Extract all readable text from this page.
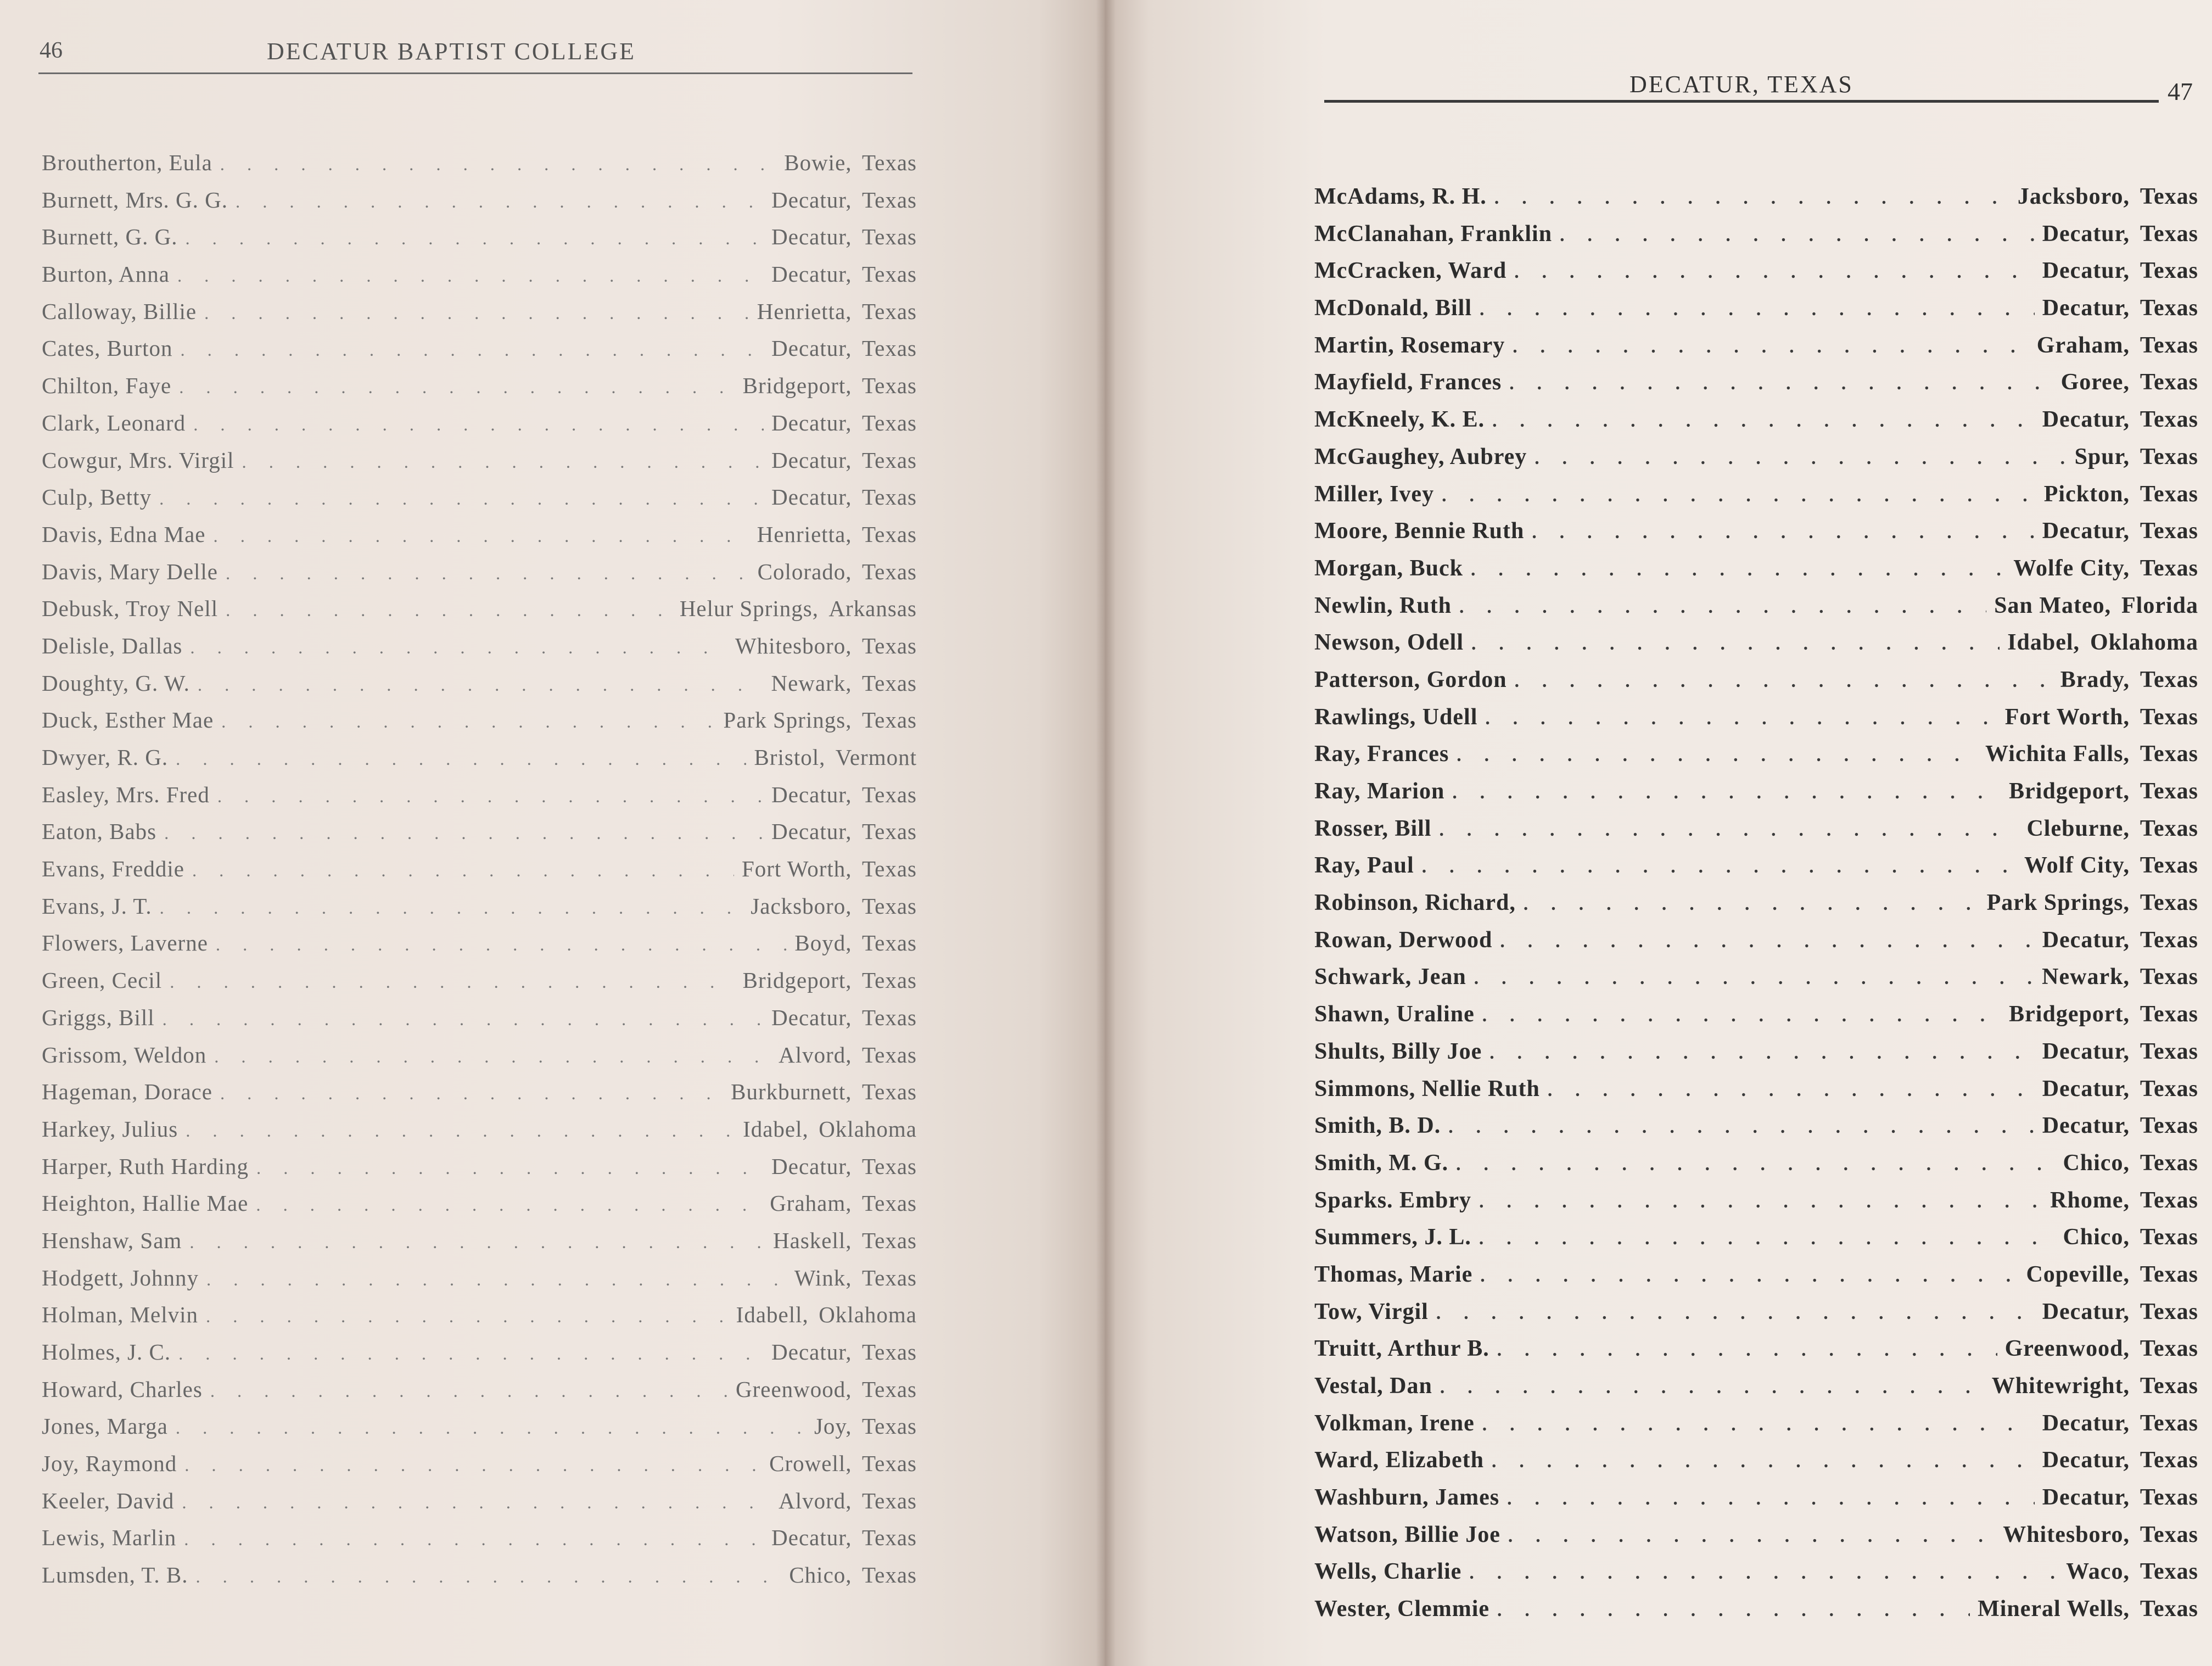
46	DECATUR BAPTIST COLLEGE
Broutherton, Eula . . .	Bowie, Texas
Burnett, Mrs. G. G. . . .	Decatur, Texas
Burnett, G. G. . . .	Decatur, Texas
Burton, Anna . . .	Decatur, Texas
Calloway, Billie . . .	Henrietta, Texas
Cates, Burton . . .	Decatur, Texas
Chilton, Faye . . .	Bridgeport, Texas
Clark, Leonard . . .	Decatur, Texas
Cowgur, Mrs. Virgil . . .	Decatur, Texas
Culp, Betty . . .	Decatur, Texas
Davis, Edna Mae . . .	Henrietta, Texas
Davis, Mary Delle . . .	Colorado, Texas
Debusk, Troy Nell . . .	Helur Springs, Arkansas
Delisle, Dallas . . .	Whitesboro, Texas
Doughty, G. W. . . .	Newark, Texas
Duck, Esther Mae . . .	Park Springs, Texas
Dwyer, R. G. . . .	Bristol, Vermont
Easley, Mrs. Fred . . .	Decatur, Texas
Eaton, Babs . . .	Decatur, Texas
Evans, Freddie . . .	Fort Worth, Texas
Evans, J. T. . . .	Jacksboro, Texas
Flowers, Laverne . . .	Boyd, Texas
Green, Cecil . . .	Bridgeport, Texas
Griggs, Bill . . .	Decatur, Texas
Grissom, Weldon . . .	Alvord, Texas
Hageman, Dorace . . .	Burkburnett, Texas
Harkey, Julius . . .	Idabel, Oklahoma
Harper, Ruth Harding . . .	Decatur, Texas
Heighton, Hallie Mae . . .	Graham, Texas
Henshaw, Sam . . .	Haskell, Texas
Hodgett, Johnny . . .	Wink, Texas
Holman, Melvin . . .	Idabell, Oklahoma
Holmes, J. C. . . .	Decatur, Texas
Howard, Charles . . .	Greenwood, Texas
Jones, Marga . . .	Joy, Texas
Joy, Raymond . . .	Crowell, Texas
Keeler, David . . .	Alvord, Texas
Lewis, Marlin . . .	Decatur, Texas
Lumsden, T. B. . . .	Chico, Texas
DECATUR, TEXAS	47
McAdams, R. H. . . .	Jacksboro, Texas
McClanahan, Franklin . . .	Decatur, Texas
McCracken, Ward . . .	Decatur, Texas
McDonald, Bill . . .	Decatur, Texas
Martin, Rosemary . . .	Graham, Texas
Mayfield, Frances . . .	Goree, Texas
McKneely, K. E. . . .	Decatur, Texas
McGaughey, Aubrey . . .	Spur, Texas
Miller, Ivey . . .	Pickton, Texas
Moore, Bennie Ruth . . .	Decatur, Texas
Morgan, Buck . . .	Wolfe City, Texas
Newlin, Ruth . . .	San Mateo, Florida
Newson, Odell . . .	Idabel, Oklahoma
Patterson, Gordon . . .	Brady, Texas
Rawlings, Udell . . .	Fort Worth, Texas
Ray, Frances . . .	Wichita Falls, Texas
Ray, Marion . . .	Bridgeport, Texas
Rosser, Bill . . .	Cleburne, Texas
Ray, Paul . . .	Wolf City, Texas
Robinson, Richard, . . .	Park Springs, Texas
Rowan, Derwood . . .	Decatur, Texas
Schwark, Jean . . .	Newark, Texas
Shawn, Uraline . . .	Bridgeport, Texas
Shults, Billy Joe . . .	Decatur, Texas
Simmons, Nellie Ruth . . .	Decatur, Texas
Smith, B. D. . . .	Decatur, Texas
Smith, M. G. . . .	Chico, Texas
Sparks. Embry . . .	Rhome, Texas
Summers, J. L. . . .	Chico, Texas
Thomas, Marie . . .	Copeville, Texas
Tow, Virgil . . .	Decatur, Texas
Truitt, Arthur B. . . .	Greenwood, Texas
Vestal, Dan . . .	Whitewright, Texas
Volkman, Irene . . .	Decatur, Texas
Ward, Elizabeth . . .	Decatur, Texas
Washburn, James . . .	Decatur, Texas
Watson, Billie Joe . . .	Whitesboro, Texas
Wells, Charlie . . .	Waco, Texas
Wester, Clemmie . . .	Mineral Wells, Texas
